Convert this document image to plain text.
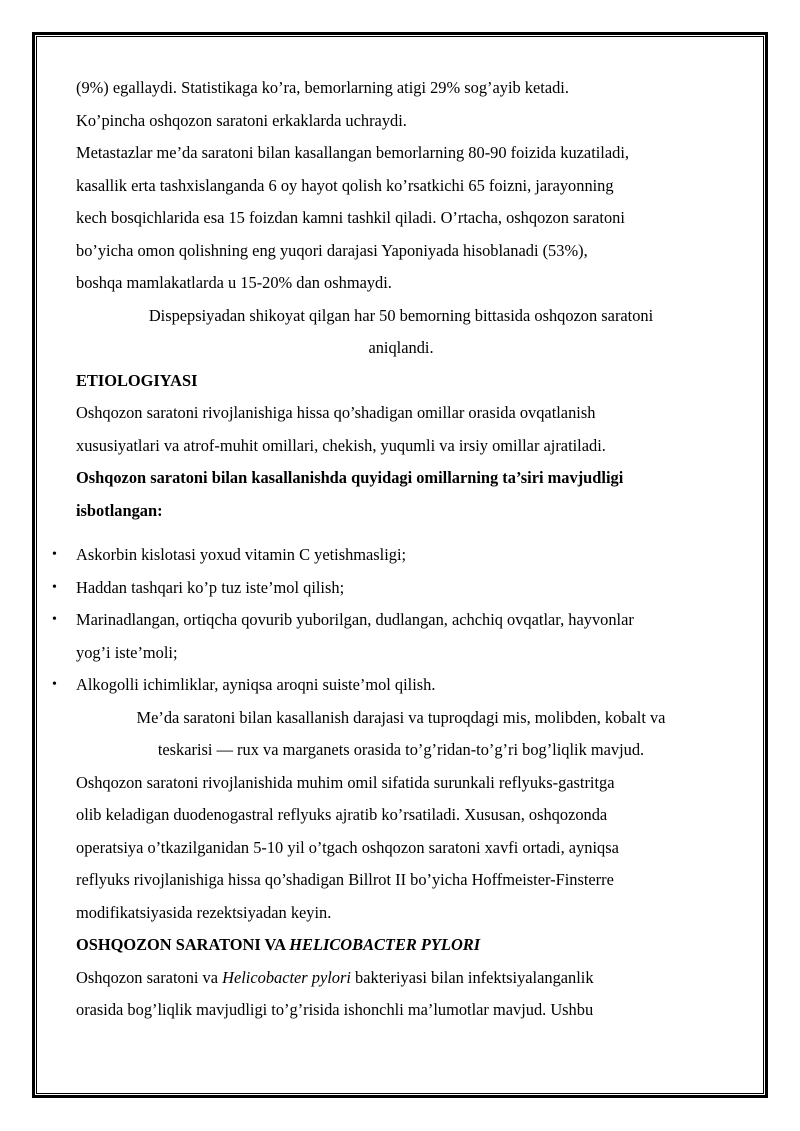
(9%) egallaydi. Statistikaga ko’ra, bemorlarning atigi 29% sog’ayib ketadi.

Ko’pincha oshqozon saratoni erkaklarda uchraydi.

Metastazlar me’da saratoni bilan kasallangan bemorlarning 80-90 foizida kuzatiladi,

kasallik erta tashxislanganda 6 oy hayot qolish ko’rsatkichi 65 foizni, jarayonning

kech bosqichlarida esa 15 foizdan kamni tashkil qiladi. O’rtacha, oshqozon saratoni

bo’yicha omon qolishning eng yuqori darajasi Yaponiyada hisoblanadi (53%),

boshqa mamlakatlarda u 15-20% dan oshmaydi.

Dispepsiyadan shikoyat qilgan har 50 bemorning bittasida oshqozon saratoni

aniqlandi.

ETIOLOGIYASI

Oshqozon saratoni rivojlanishiga hissa qo’shadigan omillar orasida ovqatlanish

xususiyatlari va atrof-muhit omillari, chekish, yuqumli va irsiy omillar ajratiladi.

Oshqozon saratoni bilan kasallanishda quyidagi omillarning ta’siri mavjudligi

isbotlangan:

• Askorbin kislotasi yoxud vitamin C yetishmasligi;
• Haddan tashqari ko’p tuz iste’mol qilish;
• Marinadlangan, ortiqcha qovurib yuborilgan, dudlangan, achchiq ovqatlar, hayvonlar
yog’i iste’moli;
• Alkogolli ichimliklar, ayniqsa aroqni suiste’mol qilish.

Me’da saratoni bilan kasallanish darajasi va tuproqdagi mis, molibden, kobalt va

teskarisi — rux va marganets orasida to’g’ridan-to’g’ri bog’liqlik mavjud.

Oshqozon saratoni rivojlanishida muhim omil sifatida surunkali reflyuks-gastritga

olib keladigan duodenogastral reflyuks ajratib ko’rsatiladi. Xususan, oshqozonda

operatsiya o’tkazilganidan 5-10 yil o’tgach oshqozon saratoni xavfi ortadi, ayniqsa

reflyuks rivojlanishiga hissa qo’shadigan Billrot II bo’yicha Hoffmeister-Finsterre

modifikatsiyasida rezektsiyadan keyin.

OSHQOZON SARATONI VA HELICOBACTER PYLORI

Oshqozon saratoni va Helicobacter pylori bakteriyasi bilan infektsiyalanganlik

orasida bog’liqlik mavjudligi to’g’risida ishonchli ma’lumotlar mavjud. Ushbu
